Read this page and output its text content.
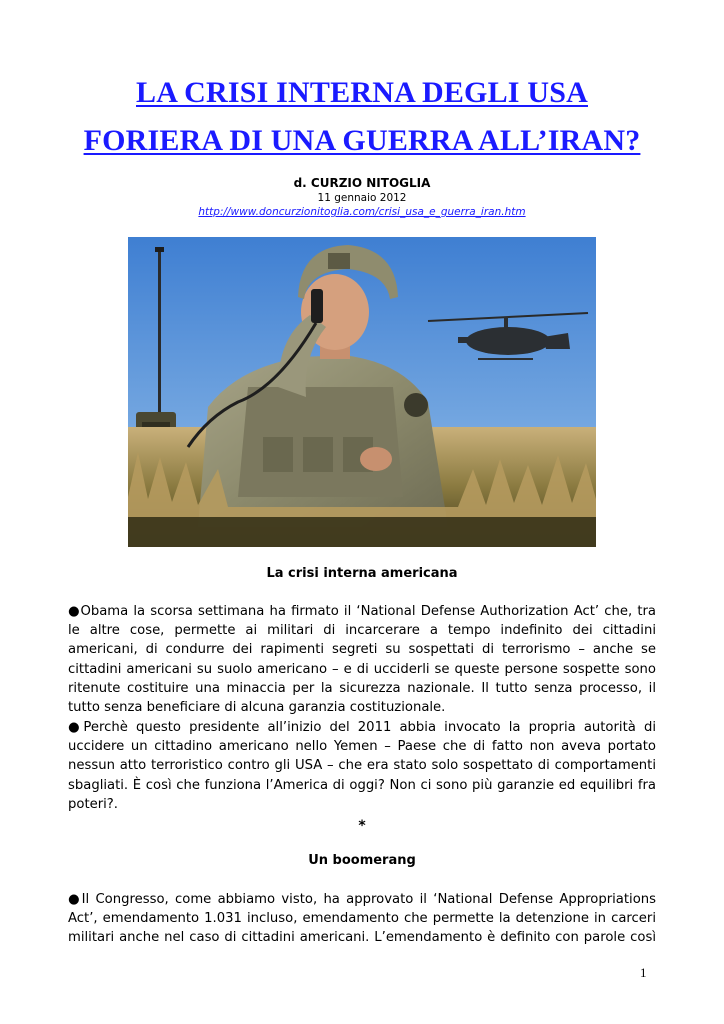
LA CRISI INTERNA DEGLI USA
FORIERA DI UNA GUERRA ALL’IRAN?
d. CURZIO NITOGLIA
11 gennaio 2012
http://www.doncurzionitoglia.com/crisi_usa_e_guerra_iran.htm
La crisi interna americana
●Obama la scorsa settimana ha firmato il ‘National Defense Authorization Act’ che, tra
le altre cose, permette ai militari di incarcerare a tempo indefinito dei cittadini
americani, di condurre dei rapimenti segreti su sospettati di terrorismo – anche se
cittadini americani su suolo americano – e di ucciderli se queste persone sospette sono
ritenute costituire una minaccia per la sicurezza nazionale. Il tutto senza processo, il
tutto senza beneficiare di alcuna garanzia costituzionale.
●Perchè questo presidente all’inizio del 2011 abbia invocato la propria autorità di
uccidere un cittadino americano nello Yemen – Paese che di fatto non aveva portato
nessun atto terroristico contro gli USA – che era stato solo sospettato di comportamenti
sbagliati. È così che funziona l’America di oggi? Non ci sono più garanzie ed equilibri fra
poteri?.
*
Un boomerang
●Il Congresso, come abbiamo visto, ha approvato il ‘National Defense Appropriations
Act’, emendamento 1.031 incluso, emendamento che permette la detenzione in carceri
militari anche nel caso di cittadini americani. L’emendamento è definito con parole così
1
